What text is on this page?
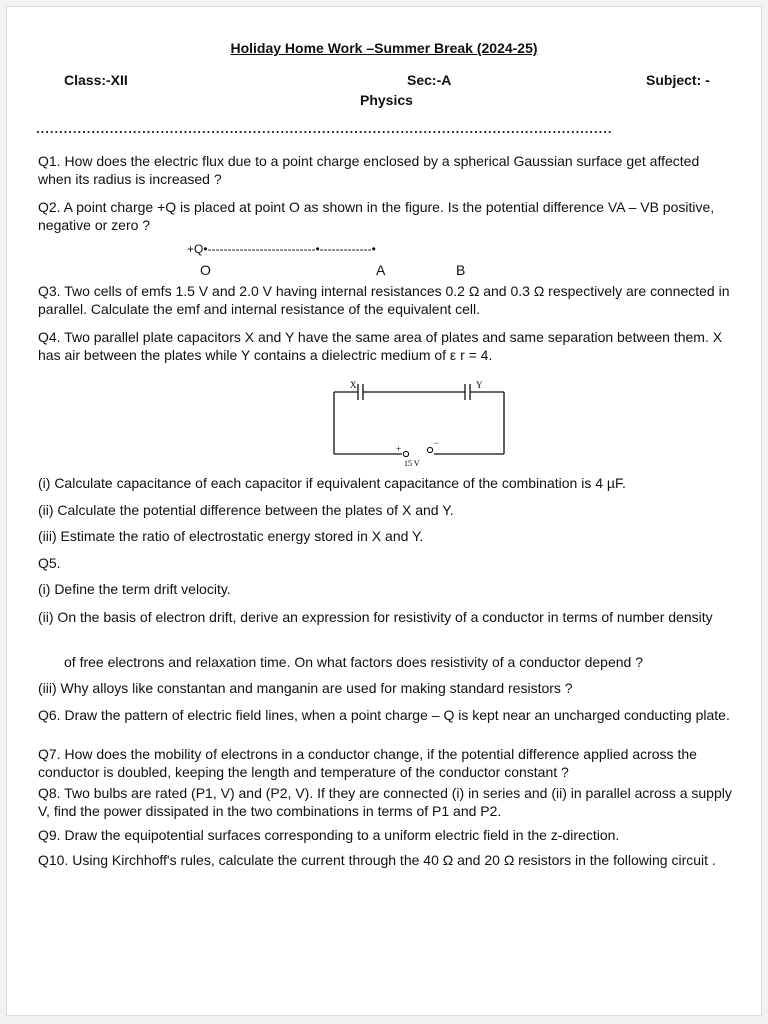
Holiday Home Work –Summer Break (2024-25)
Class:-XII	Sec:-A	Subject: -
Physics
.............................................................................................................................
Q1. How does the electric flux due to a point charge enclosed by a spherical Gaussian surface get affected when its radius is increased ?
Q2. A point charge +Q is placed at point O as shown in the figure. Is the potential difference VA – VB positive, negative or zero ?
+Q•---------------------------•-------------•
O	A	B
Q3. Two cells of emfs 1.5 V and 2.0 V having internal resistances 0.2 Ω and 0.3 Ω respectively are connected in parallel. Calculate the emf and internal resistance of the equivalent cell.
Q4. Two parallel plate capacitors X and Y have the same area of plates and same separation between them. X has air between the plates while Y contains a dielectric medium of ε r = 4.
X	Y
+
−
15 V
(i) Calculate capacitance of each capacitor if equivalent capacitance of the combination is 4 µF.
(ii) Calculate the potential difference between the plates of X and Y.
(iii) Estimate the ratio of electrostatic energy stored in X and Y.
Q5.
(i) Define the term drift velocity.
(ii) On the basis of electron drift, derive an expression for resistivity of a conductor in terms of number density
of free electrons and relaxation time. On what factors does resistivity of a conductor depend ?
(iii) Why alloys like constantan and manganin are used for making standard resistors ?
Q6. Draw the pattern of electric field lines, when a point charge – Q is kept near an uncharged conducting plate.
Q7. How does the mobility of electrons in a conductor change, if the potential difference applied across the conductor is doubled, keeping the length and temperature of the conductor constant ?
Q8. Two bulbs are rated (P1, V) and (P2, V). If they are connected (i) in series and (ii) in parallel across a supply V, find the power dissipated in the two combinations in terms of P1 and P2.
Q9. Draw the equipotential surfaces corresponding to a uniform electric field in the z-direction.
Q10. Using Kirchhoff's rules, calculate the current through the 40 Ω and 20 Ω resistors in the following circuit .
